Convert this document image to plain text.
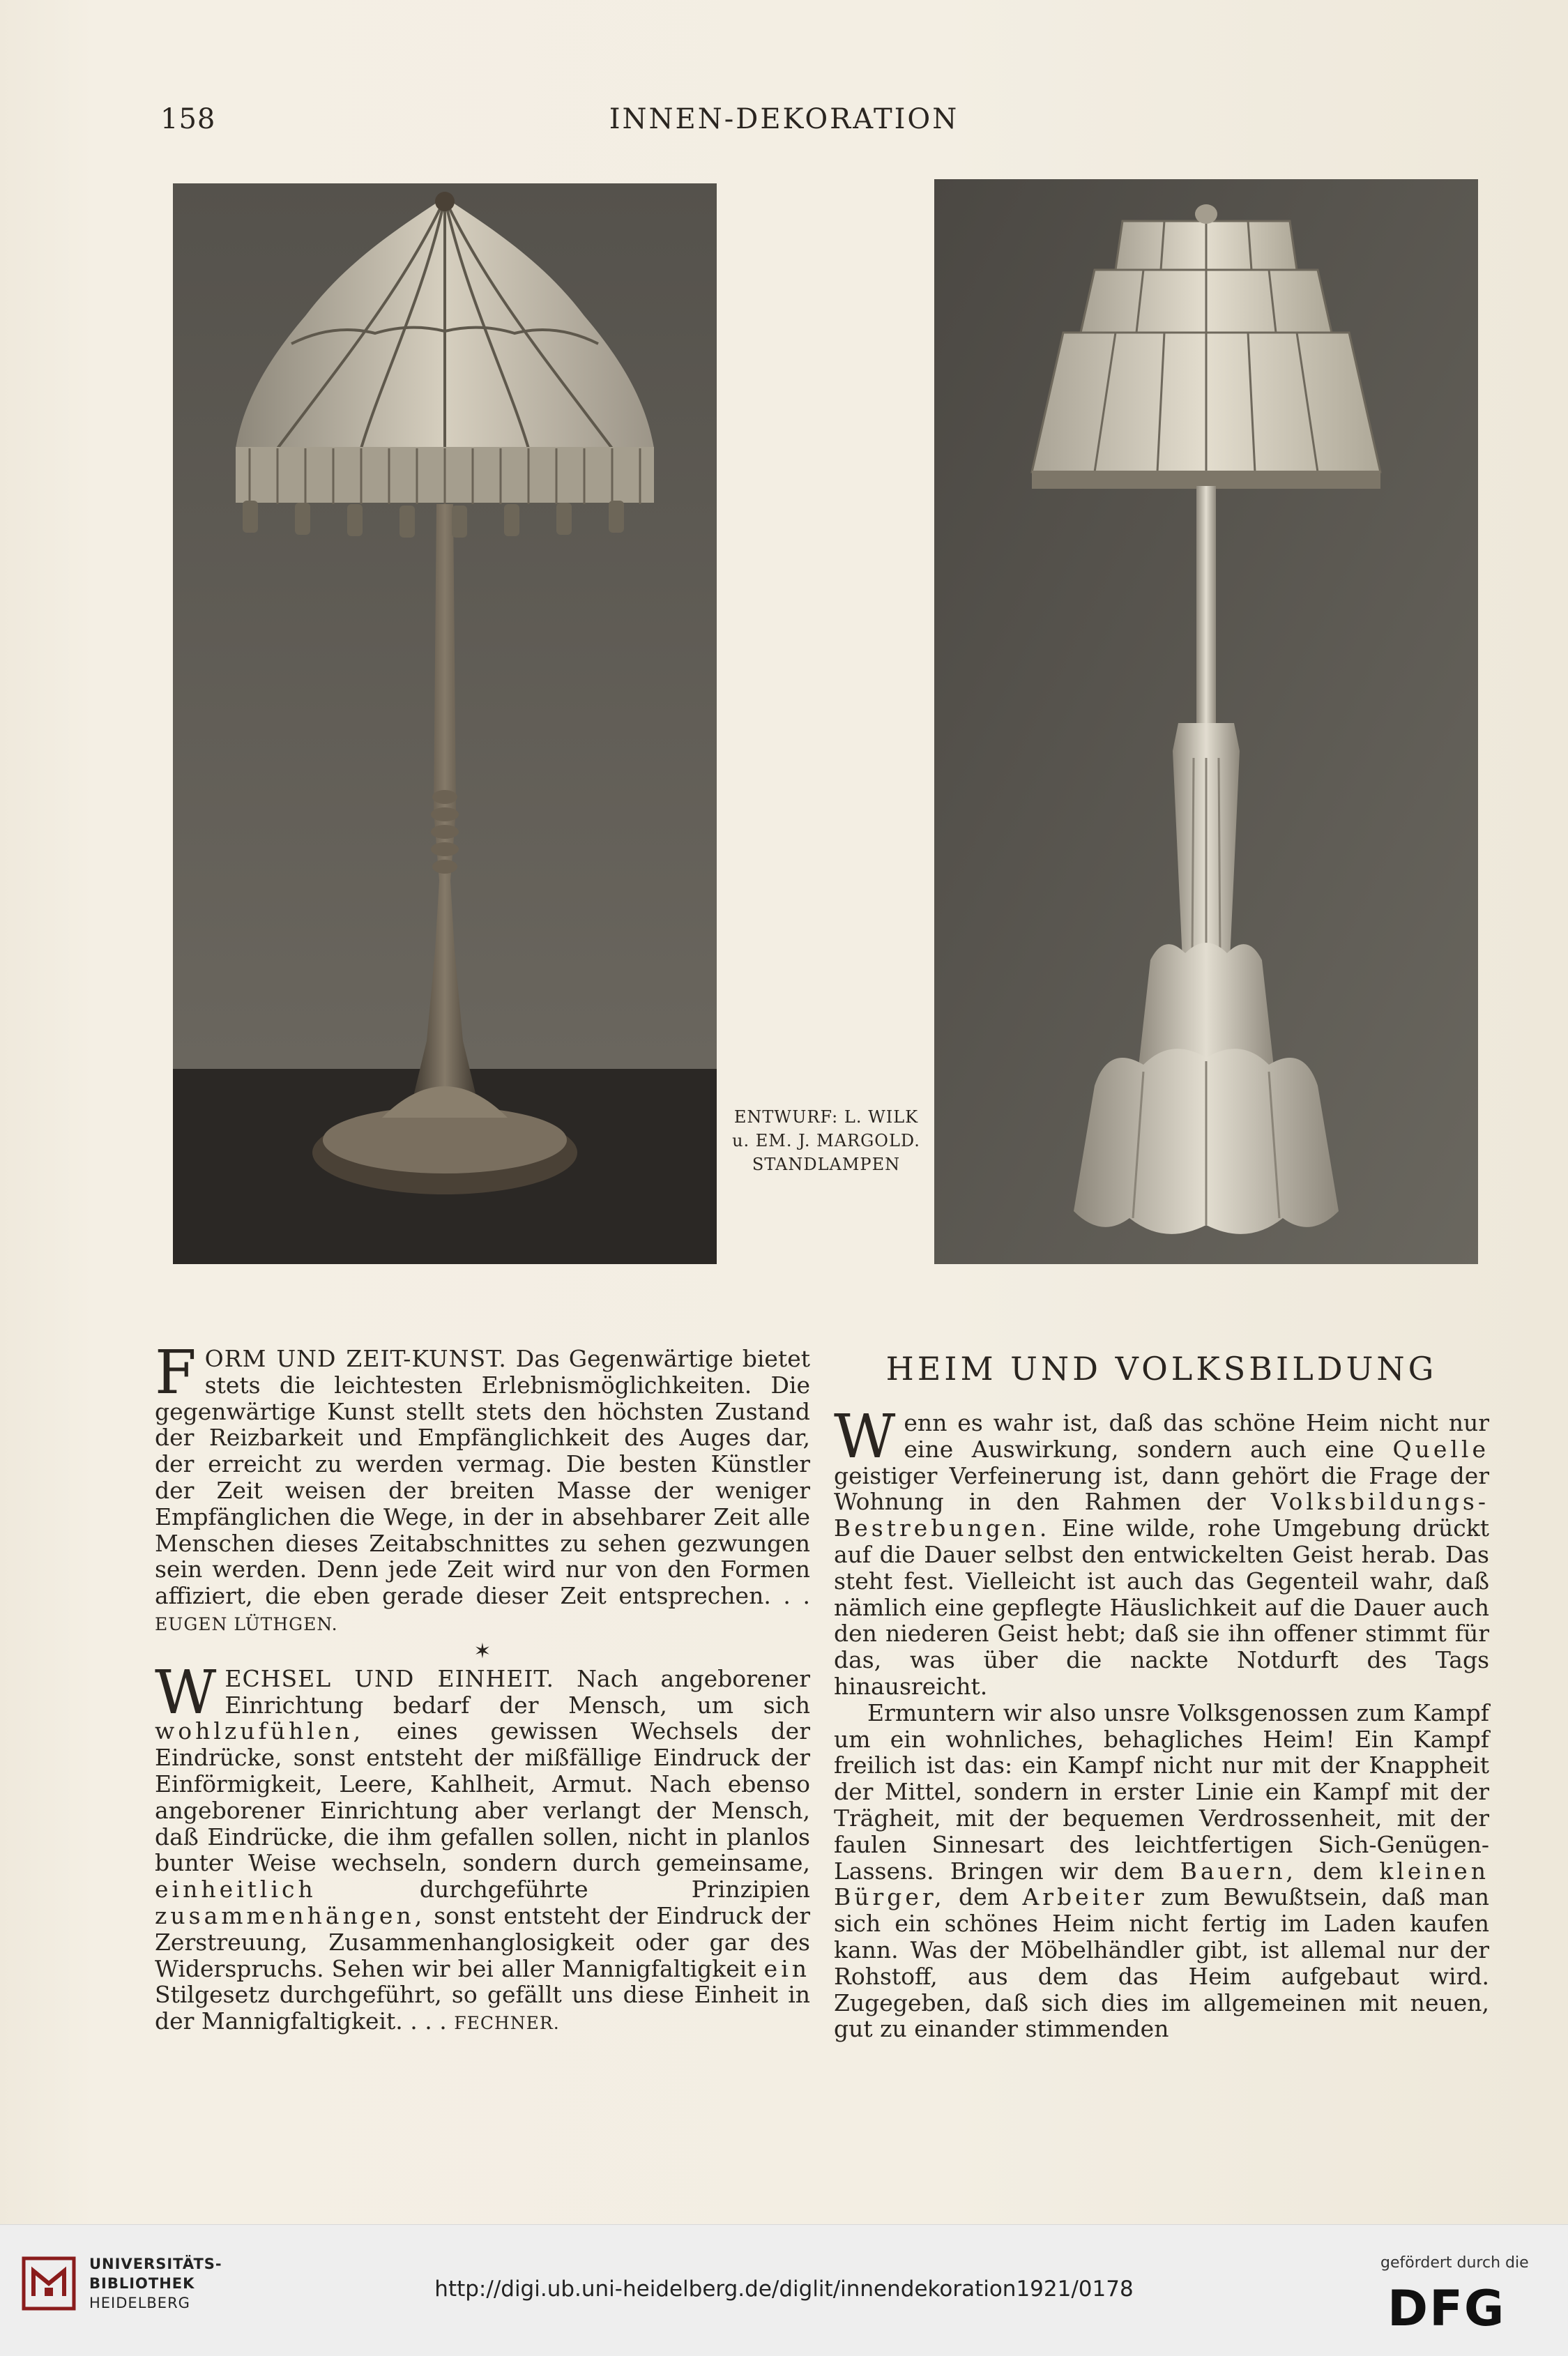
158	INNEN-DEKORATION
ENTWURF: L. WILK
u. EM. J. MARGOLD.
STANDLAMPEN

F ORM UND ZEIT-KUNST. Das Gegenwärtige bietet stets die leichtesten Erlebnismöglichkeiten. Die gegenwärtige Kunst stellt stets den höchsten Zustand der Reizbarkeit und Empfänglichkeit des Auges dar, der erreicht zu werden vermag. Die besten Künstler der Zeit weisen der breiten Masse der weniger Empfänglichen die Wege, in der in absehbarer Zeit alle Menschen dieses Zeitabschnittes zu sehen gezwungen sein werden. Denn jede Zeit wird nur von den Formen affiziert, die eben gerade dieser Zeit entsprechen. . . EUGEN LÜTHGEN.

✶

W ECHSEL UND EINHEIT. Nach angeborener Einrichtung bedarf der Mensch, um sich wohlzufühlen, eines gewissen Wechsels der Eindrücke, sonst entsteht der mißfällige Eindruck der Einförmigkeit, Leere, Kahlheit, Armut. Nach ebenso angeborener Einrichtung aber verlangt der Mensch, daß Eindrücke, die ihm gefallen sollen, nicht in planlos bunter Weise wechseln, sondern durch gemeinsame, einheitlich	durchgeführte Prinzipien zusammenhängen, sonst entsteht der Eindruck der Zerstreuung, Zusammenhanglosigkeit oder gar des Widerspruchs. Sehen wir bei aller Mannigfaltigkeit ein Stilgesetz durchgeführt, so gefällt uns diese Einheit in der Mannigfaltigkeit. . . . FECHNER.

HEIM UND VOLKSBILDUNG

W enn es wahr ist, daß das schöne Heim nicht nur eine Auswirkung, sondern auch eine Quelle geistiger Verfeinerung ist, dann gehört die Frage der Wohnung in den Rahmen der Volksbildungs-Bestrebungen. Eine wilde, rohe Umgebung drückt auf die Dauer selbst den entwickelten Geist herab. Das steht fest. Vielleicht ist auch das Gegenteil wahr, daß nämlich eine gepflegte Häuslichkeit auf die Dauer auch den niederen Geist hebt; daß sie ihn offener stimmt für das, was über die nackte Notdurft des Tags hinausreicht.

Ermuntern wir also unsre Volksgenossen zum Kampf um ein wohnliches, behagliches Heim! Ein Kampf freilich ist das: ein Kampf nicht nur mit der Knappheit der Mittel, sondern in erster Linie ein Kampf mit der Trägheit, mit der bequemen Verdrossenheit, mit der faulen Sinnesart des leichtfertigen Sich-Genügen-Lassens. Bringen wir dem Bauern, dem kleinen Bürger, dem Arbeiter zum Bewußtsein, daß man sich ein schönes Heim nicht fertig im Laden kaufen kann. Was der Möbelhändler gibt, ist allemal nur der Rohstoff, aus dem das Heim aufgebaut wird. Zugegeben, daß sich dies im allgemeinen mit neuen, gut zu einander stimmenden

UNIVERSITÄTS-
BIBLIOTHEK
HEIDELBERG
http://digi.ub.uni-heidelberg.de/diglit/innendekoration1921/0178
gefördert durch die
DFG
